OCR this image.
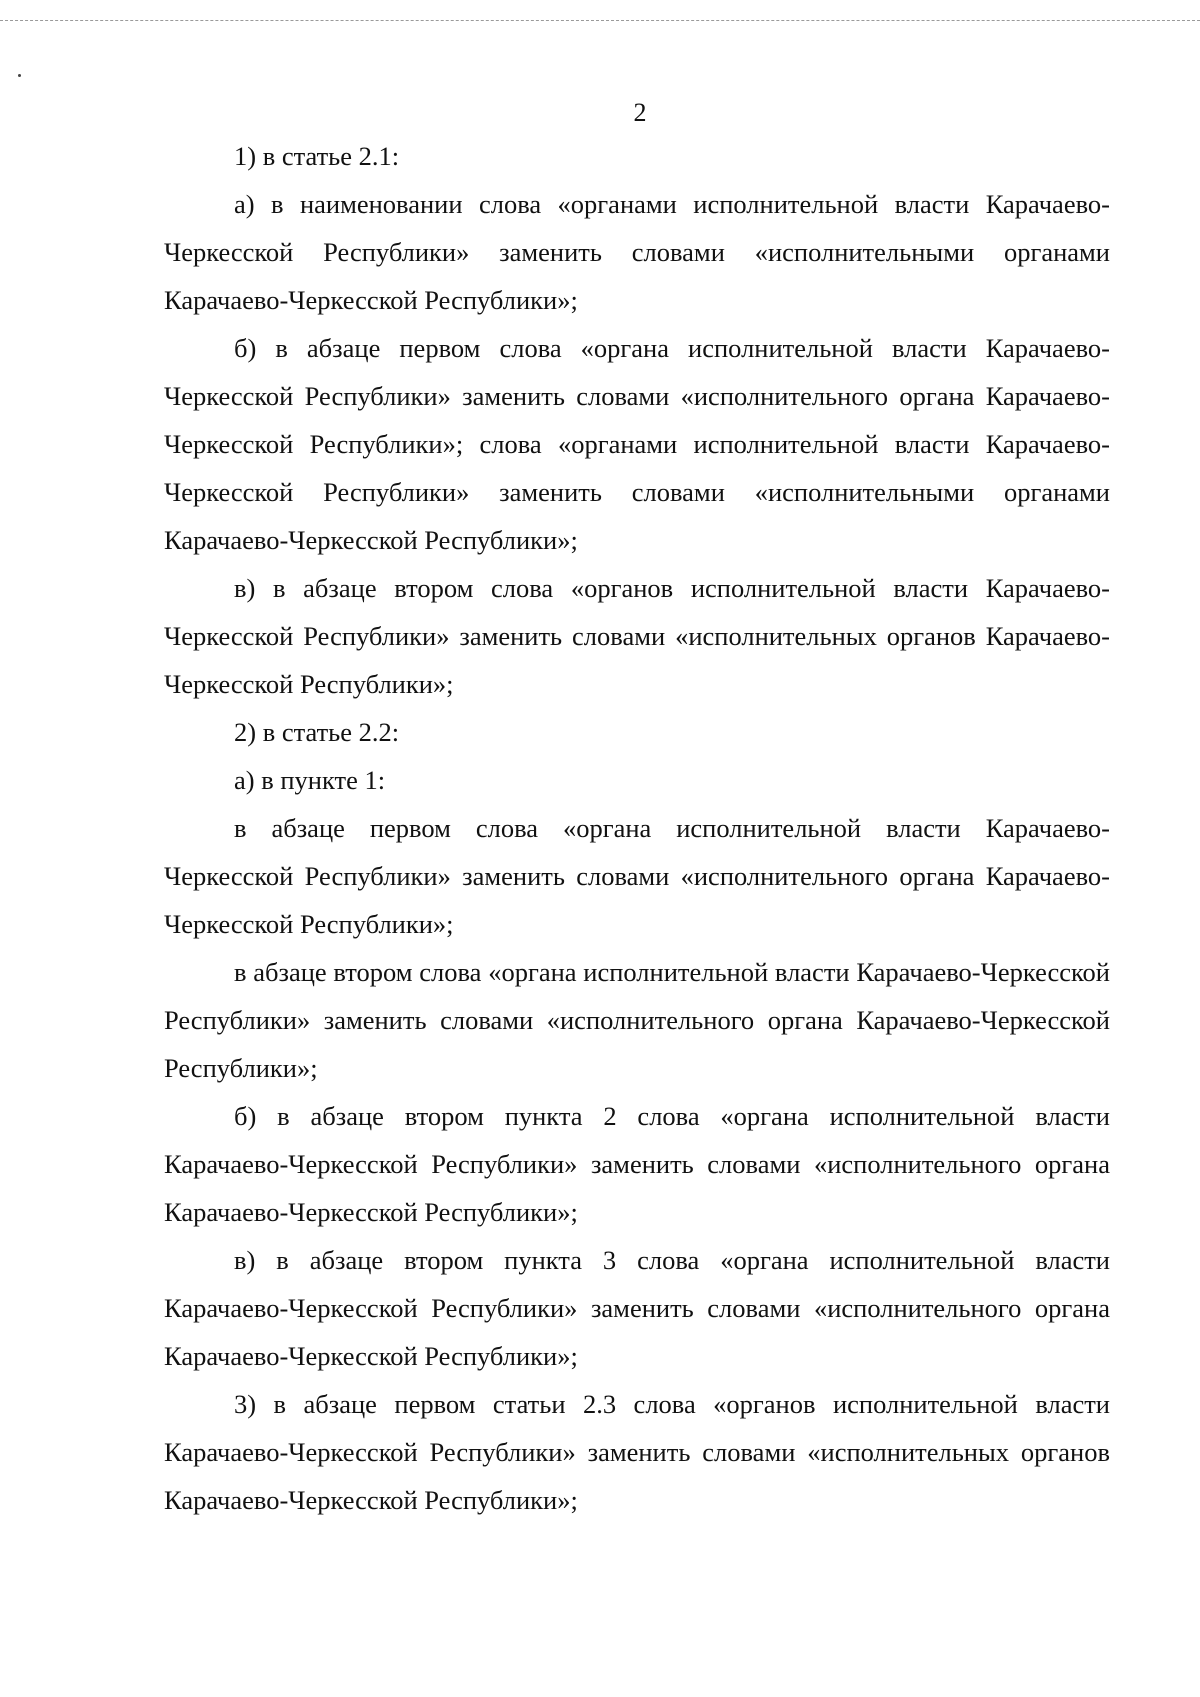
2

1) в статье 2.1:

а) в наименовании слова «органами исполнительной власти Карачаево-Черкесской Республики» заменить словами «исполнительными органами Карачаево-Черкесской Республики»;

б) в абзаце первом слова «органа исполнительной власти Карачаево-Черкесской Республики» заменить словами «исполнительного органа Карачаево-Черкесской Республики»; слова «органами исполнительной власти Карачаево-Черкесской Республики» заменить словами «исполнительными органами Карачаево-Черкесской Республики»;

в) в абзаце втором слова «органов исполнительной власти Карачаево-Черкесской Республики» заменить словами «исполнительных органов Карачаево-Черкесской Республики»;

2) в статье 2.2:

а) в пункте 1:

в абзаце первом слова «органа исполнительной власти Карачаево-Черкесской Республики» заменить словами «исполнительного органа Карачаево-Черкесской Республики»;

в абзаце втором слова «органа исполнительной власти Карачаево-Черкесской Республики» заменить словами «исполнительного органа Карачаево-Черкесской Республики»;

б) в абзаце втором пункта 2 слова «органа исполнительной власти Карачаево-Черкесской Республики» заменить словами «исполнительного органа Карачаево-Черкесской Республики»;

в) в абзаце втором пункта 3 слова «органа исполнительной власти Карачаево-Черкесской Республики» заменить словами «исполнительного органа Карачаево-Черкесской Республики»;

3) в абзаце первом статьи 2.3 слова «органов исполнительной власти Карачаево-Черкесской Республики» заменить словами «исполнительных органов Карачаево-Черкесской Республики»;
